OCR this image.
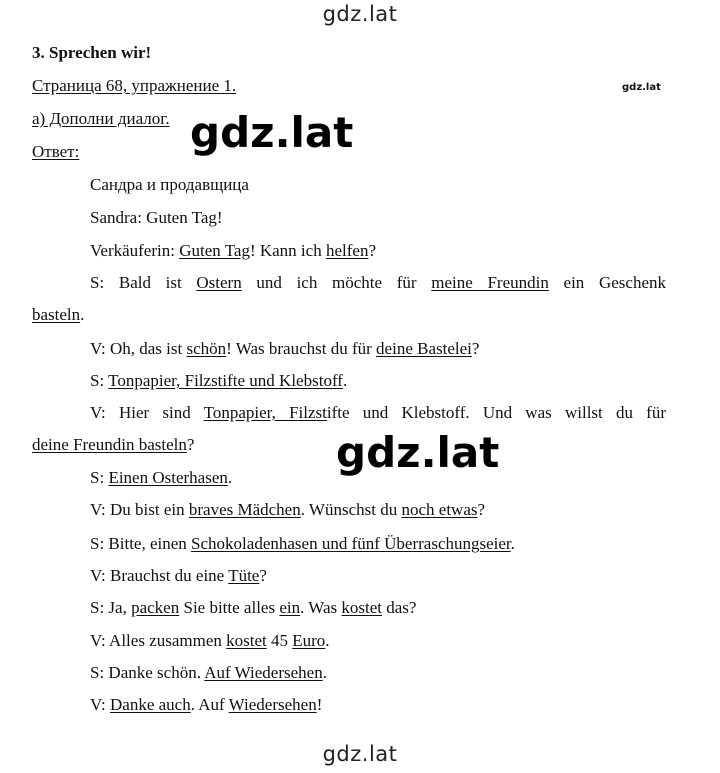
gdz.lat
gdz.lat
gdz.lat
gdz.lat
gdz.lat
3. Sprechen wir!
Страница 68, упражнение 1.
а) Дополни диалог.
Ответ:
Сандра и продавщица
Sandra: Guten Tag!
Verkäuferin: Guten Tag! Kann ich helfen?
S: Bald ist Ostern und ich möchte für meine Freundin ein Geschenk
basteln.
V: Oh, das ist schön! Was brauchst du für deine Bastelei?
S: Tonpapier, Filzstifte und Klebstoff.
V: Hier sind Tonpapier, Filzstifte und Klebstoff. Und was willst du für
deine Freundin basteln?
S: Einen Osterhasen.
V: Du bist ein braves Mädchen. Wünschst du noch etwas?
S: Bitte, einen Schokoladenhasen und fünf Überraschungseier.
V: Brauchst du eine Tüte?
S: Ja, packen Sie bitte alles ein. Was kostet das?
V: Alles zusammen kostet 45 Euro.
S: Danke schön. Auf Wiedersehen.
V: Danke auch. Auf Wiedersehen!
